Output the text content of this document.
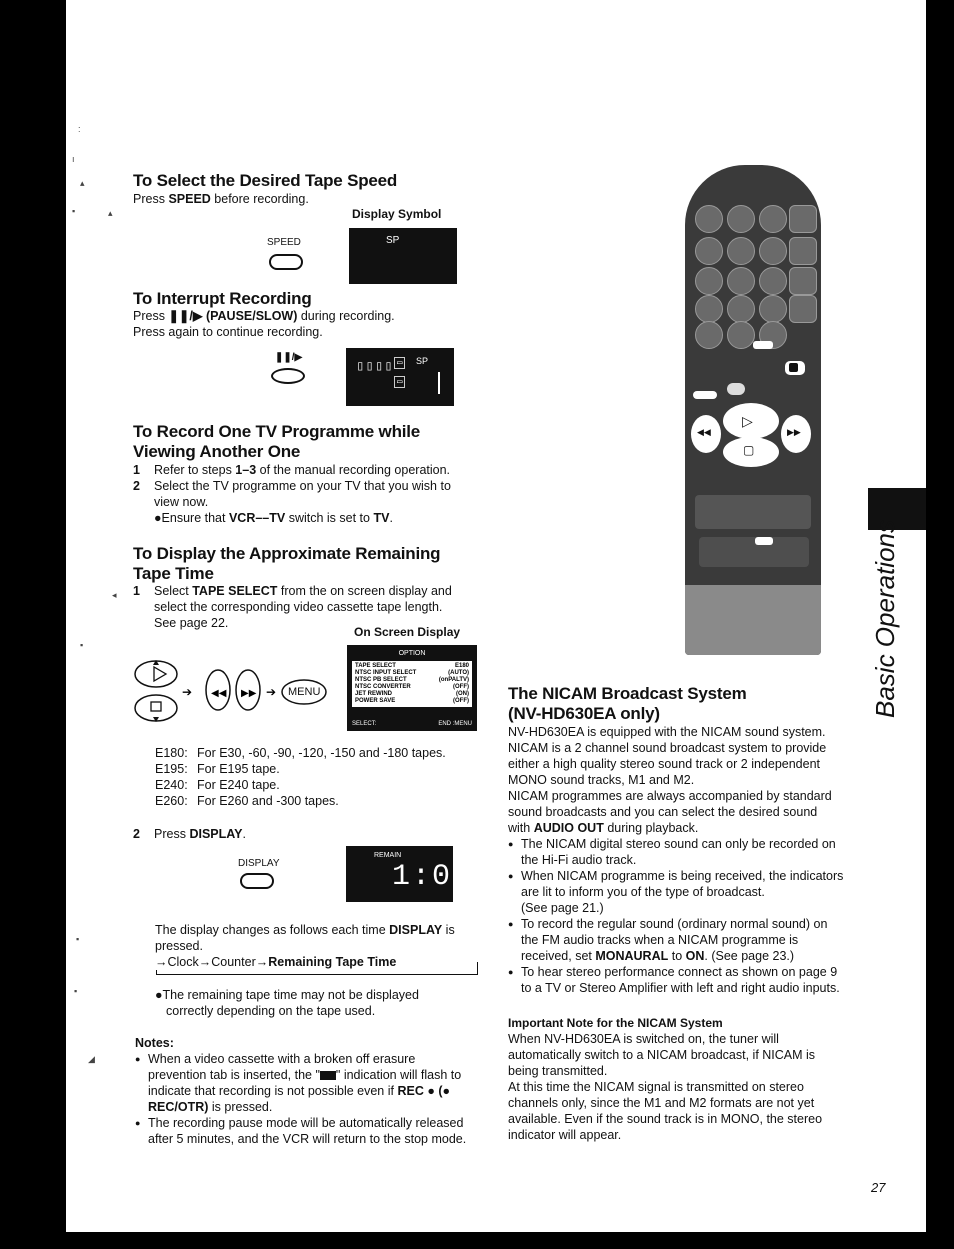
To Select the Desired Tape Speed
Press SPEED before recording.
Display Symbol
SPEED	SP
To Interrupt Recording
Press ❚❚/▶ (PAUSE/SLOW) during recording.
Press again to continue recording.
❚❚/▶
▯▯▯▯ ▭	SP
▭
To Record One TV Programme while
Viewing Another One
1 Refer to steps 1–3 of the manual recording operation.
2 Select the TV programme on your TV that you wish to
view now.
●Ensure that VCR––TV switch is set to TV.
To Display the Approximate Remaining
Tape Time
1 Select TAPE SELECT from the on screen display and
select the corresponding video cassette tape length.
See page 22.
On Screen Display
➔ ◀◀ ▶▶ ➔ MENU
OPTION
TAPE SELECT	E180
NTSC INPUT SELECT	(AUTO)
NTSC PB SELECT	(onPALTV)
NTSC CONVERTER	(OFF)
JET REWIND	(ON)
POWER SAVE	(OFF)
SELECT:	END :MENU
E180: For E30, -60, -90, -120, -150 and -180 tapes.
E195: For E195 tape.
E240: For E240 tape.
E260: For E260 and -300 tapes.
2 Press DISPLAY.
DISPLAY
REMAIN
1:05
The display changes as follows each time DISPLAY is
pressed.
→Clock→Counter→Remaining Tape Time
●The remaining tape time may not be displayed
correctly depending on the tape used.
Notes:
● When a video cassette with a broken off erasure
prevention tab is inserted, the " " indication will flash to
indicate that recording is not possible even if REC ● (●
REC/OTR) is pressed.
● The recording pause mode will be automatically released
after 5 minutes, and the VCR will return to the stop mode.
▷
▢
◀◀	▶▶
The NICAM Broadcast System
(NV-HD630EA only)
NV-HD630EA is equipped with the NICAM sound system.
NICAM is a 2 channel sound broadcast system to provide
either a high quality stereo sound track or 2 independent
MONO sound tracks, M1 and M2.
NICAM programmes are always accompanied by standard
sound broadcasts and you can select the desired sound
with AUDIO OUT during playback.
● The NICAM digital stereo sound can only be recorded on
the Hi-Fi audio track.
● When NICAM programme is being received, the indicators
are lit to inform you of the type of broadcast.
(See page 21.)
● To record the regular sound (ordinary normal sound) on
the FM audio tracks when a NICAM programme is
received, set MONAURAL to ON. (See page 23.)
● To hear stereo performance connect as shown on page 9
to a TV or Stereo Amplifier with left and right audio inputs.
Important Note for the NICAM System
When NV-HD630EA is switched on, the tuner will
automatically switch to a NICAM broadcast, if NICAM is
being transmitted.
At this time the NICAM signal is transmitted on stereo
channels only, since the M1 and M2 formats are not yet
available. Even if the sound track is in MONO, the stereo
indicator will appear.
Basic Operations
27
:
ı
▴
▪	▴
◂
▪
▪
▪
◢
